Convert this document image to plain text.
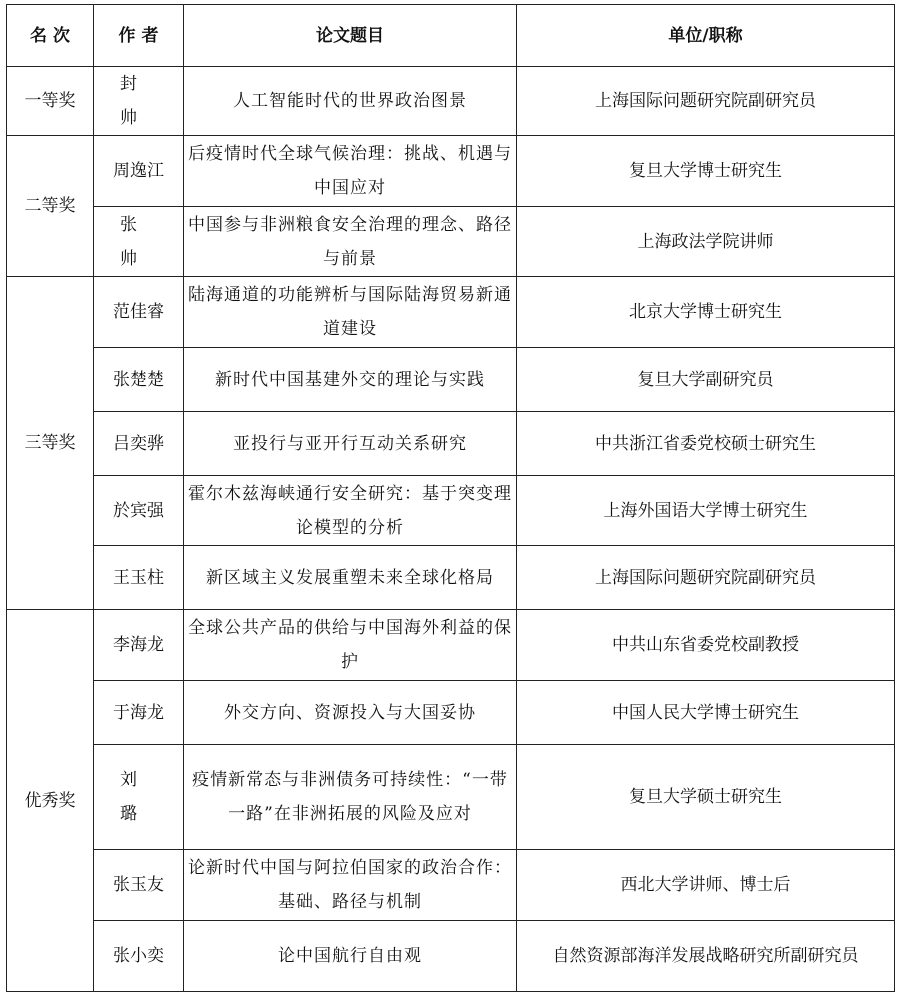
名 次	作 者	论文题目	单位/职称
一等奖	封 帅	人工智能时代的世界政治图景	上海国际问题研究院副研究员
二等奖	周逸江	后疫情时代全球气候治理：挑战、机遇与中国应对	复旦大学博士研究生
	张 帅	中国参与非洲粮食安全治理的理念、路径与前景	上海政法学院讲师
三等奖	范佳睿	陆海通道的功能辨析与国际陆海贸易新通道建设	北京大学博士研究生
	张楚楚	新时代中国基建外交的理论与实践	复旦大学副研究员
	吕奕骅	亚投行与亚开行互动关系研究	中共浙江省委党校硕士研究生
	於宾强	霍尔木兹海峡通行安全研究：基于突变理论模型的分析	上海外国语大学博士研究生
	王玉柱	新区域主义发展重塑未来全球化格局	上海国际问题研究院副研究员
优秀奖	李海龙	全球公共产品的供给与中国海外利益的保护	中共山东省委党校副教授
	于海龙	外交方向、资源投入与大国妥协	中国人民大学博士研究生
	刘 璐	疫情新常态与非洲债务可持续性：“一带一路”在非洲拓展的风险及应对	复旦大学硕士研究生
	张玉友	论新时代中国与阿拉伯国家的政治合作：基础、路径与机制	西北大学讲师、博士后
	张小奕	论中国航行自由观	自然资源部海洋发展战略研究所副研究员
